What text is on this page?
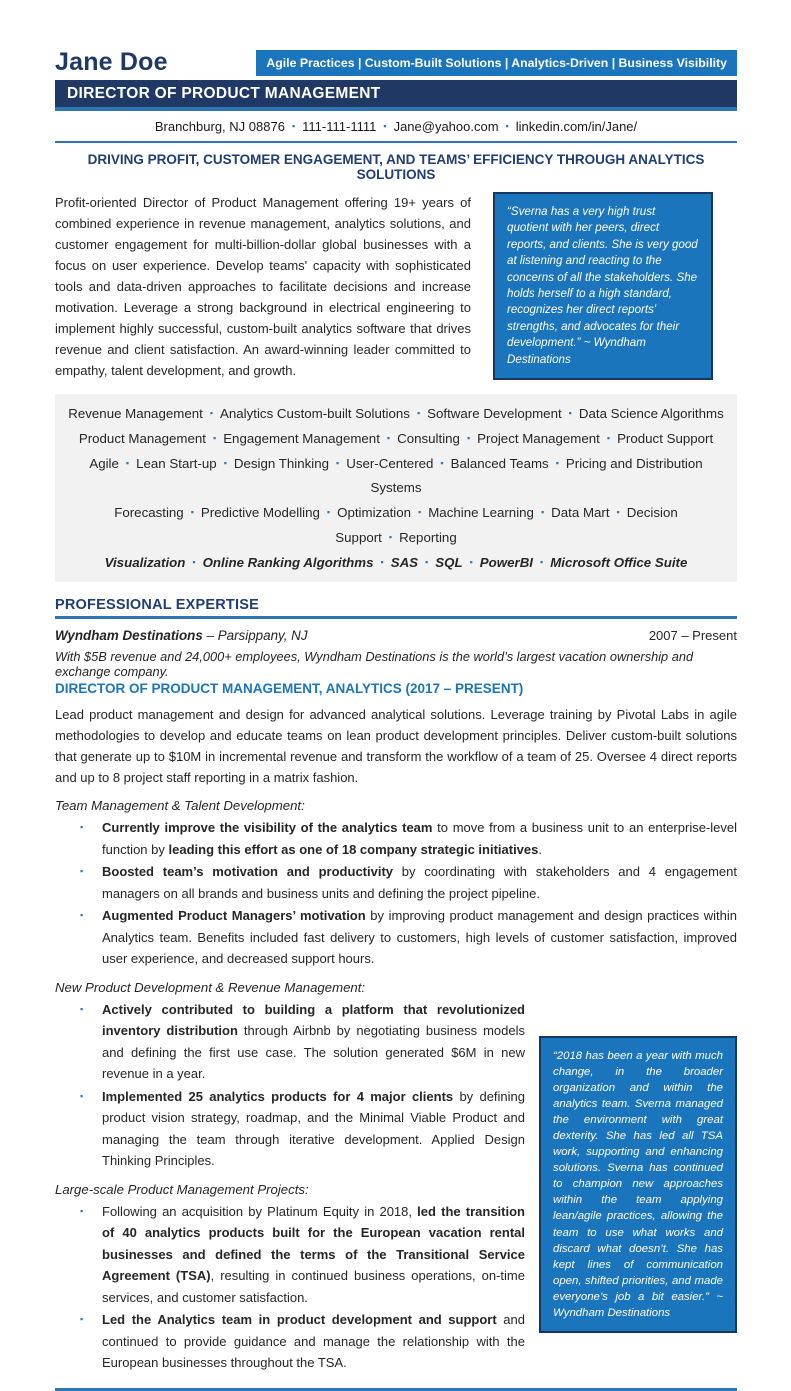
Jane Doe	Agile Practices | Custom-Built Solutions | Analytics-Driven | Business Visibility
DIRECTOR OF PRODUCT MANAGEMENT
Branchburg, NJ 08876 ▪ 111-111-1111 ▪ Jane@yahoo.com ▪ linkedin.com/in/Jane/
DRIVING PROFIT, CUSTOMER ENGAGEMENT, AND TEAMS’ EFFICIENCY THROUGH ANALYTICS SOLUTIONS
Profit-oriented Director of Product Management offering 19+ years of combined experience in revenue management, analytics solutions, and customer engagement for multi-billion-dollar global businesses with a focus on user experience. Develop teams' capacity with sophisticated tools and data-driven approaches to facilitate decisions and increase motivation. Leverage a strong background in electrical engineering to implement highly successful, custom-built analytics software that drives revenue and client satisfaction. An award-winning leader committed to empathy, talent development, and growth.
“Sverna has a very high trust quotient with her peers, direct reports, and clients. She is very good at listening and reacting to the concerns of all the stakeholders. She holds herself to a high standard, recognizes her direct reports' strengths, and advocates for their development.” ~ Wyndham Destinations
Revenue Management ▪ Analytics Custom-built Solutions ▪ Software Development ▪ Data Science Algorithms
Product Management ▪ Engagement Management ▪ Consulting ▪ Project Management ▪ Product Support
Agile ▪ Lean Start-up ▪ Design Thinking ▪ User-Centered ▪ Balanced Teams ▪ Pricing and Distribution Systems
Forecasting ▪ Predictive Modelling ▪ Optimization ▪ Machine Learning ▪ Data Mart ▪ Decision Support ▪ Reporting
Visualization ▪ Online Ranking Algorithms ▪ SAS ▪ SQL ▪ PowerBI ▪ Microsoft Office Suite
PROFESSIONAL EXPERTISE
Wyndham Destinations – Parsippany, NJ	2007 – Present
With $5B revenue and 24,000+ employees, Wyndham Destinations is the world’s largest vacation ownership and exchange company.
DIRECTOR OF PRODUCT MANAGEMENT, ANALYTICS (2017 – PRESENT)
Lead product management and design for advanced analytical solutions. Leverage training by Pivotal Labs in agile methodologies to develop and educate teams on lean product development principles. Deliver custom-built solutions that generate up to $10M in incremental revenue and transform the workflow of a team of 25. Oversee 4 direct reports and up to 8 project staff reporting in a matrix fashion.
Team Management & Talent Development:
▪ Currently improve the visibility of the analytics team to move from a business unit to an enterprise-level function by leading this effort as one of 18 company strategic initiatives.
▪ Boosted team’s motivation and productivity by coordinating with stakeholders and 4 engagement managers on all brands and business units and defining the project pipeline.
▪ Augmented Product Managers’ motivation by improving product management and design practices within Analytics team. Benefits included fast delivery to customers, high levels of customer satisfaction, improved user experience, and decreased support hours.
“2018 has been a year with much change, in the broader organization and within the analytics team. Sverna managed the environment with great dexterity. She has led all TSA work, supporting and enhancing solutions. Sverna has continued to champion new approaches within the team applying lean/agile practices, allowing the team to use what works and discard what doesn’t. She has kept lines of communication open, shifted priorities, and made everyone’s job a bit easier.” ~ Wyndham Destinations
New Product Development & Revenue Management:
▪ Actively contributed to building a platform that revolutionized inventory distribution through Airbnb by negotiating business models and defining the first use case. The solution generated $6M in new revenue in a year.
▪ Implemented 25 analytics products for 4 major clients by defining product vision strategy, roadmap, and the Minimal Viable Product and managing the team through iterative development. Applied Design Thinking Principles.
Large-scale Product Management Projects:
▪ Following an acquisition by Platinum Equity in 2018, led the transition of 40 analytics products built for the European vacation rental businesses and defined the terms of the Transitional Service Agreement (TSA), resulting in continued business operations, on-time services, and customer satisfaction.
▪ Led the Analytics team in product development and support and continued to provide guidance and manage the relationship with the European businesses throughout the TSA.
